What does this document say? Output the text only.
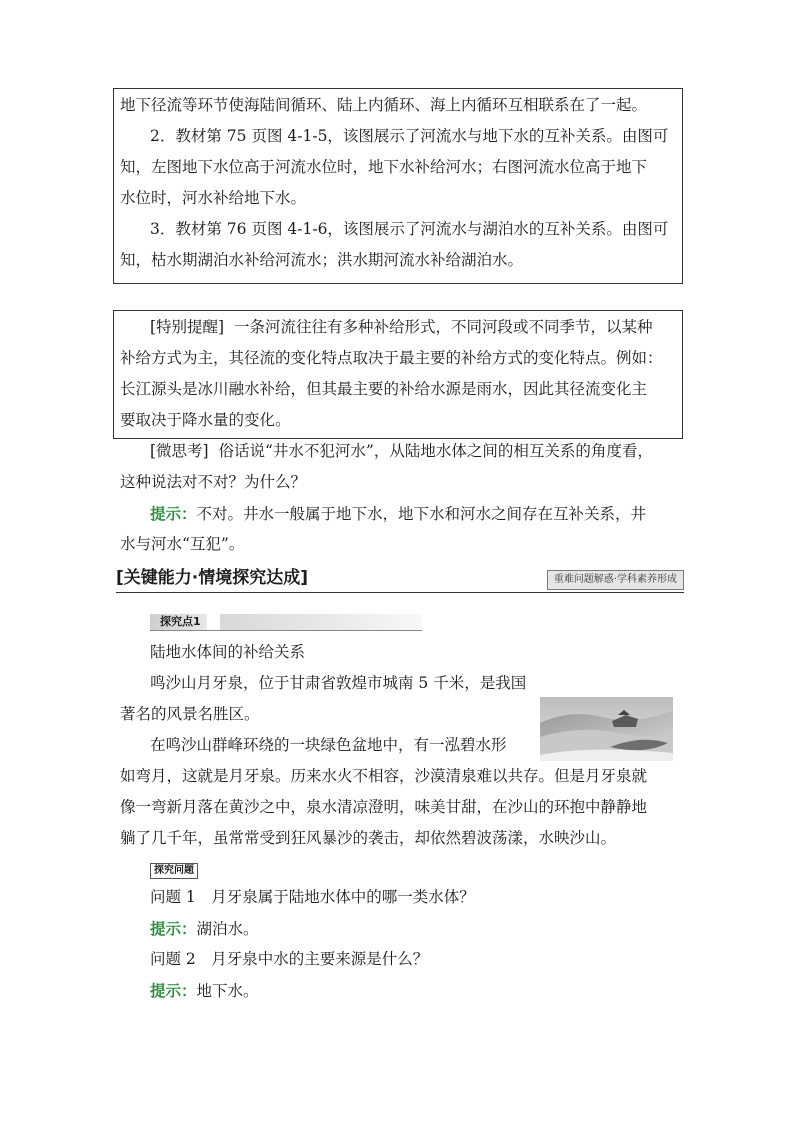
地下径流等环节使海陆间循环、陆上内循环、海上内循环互相联系在了一起。

2．教材第 75 页图 4-1-5，该图展示了河流水与地下水的互补关系。由图可

知，左图地下水位高于河流水位时，地下水补给河水；右图河流水位高于地下

水位时，河水补给地下水。

3．教材第 76 页图 4-1-6，该图展示了河流水与湖泊水的互补关系。由图可

知，枯水期湖泊水补给河流水；洪水期河流水补给湖泊水。

[特别提醒] 一条河流往往有多种补给形式，不同河段或不同季节，以某种

补给方式为主，其径流的变化特点取决于最主要的补给方式的变化特点。例如：

长江源头是冰川融水补给，但其最主要的补给水源是雨水，因此其径流变化主

要取决于降水量的变化。

[微思考] 俗话说“井水不犯河水”，从陆地水体之间的相互关系的角度看，

这种说法对不对？为什么？

提示：不对。井水一般属于地下水，地下水和河水之间存在互补关系，井

水与河水“互犯”。

[关键能力·情境探究达成]	重难问题解惑·学科素养形成
探究点1

陆地水体间的补给关系

鸣沙山月牙泉，位于甘肃省敦煌市城南 5 千米，是我国

著名的风景名胜区。

在鸣沙山群峰环绕的一块绿色盆地中，有一泓碧水形

如弯月，这就是月牙泉。历来水火不相容，沙漠清泉难以共存。但是月牙泉就

像一弯新月落在黄沙之中，泉水清凉澄明，味美甘甜，在沙山的环抱中静静地

躺了几千年，虽常常受到狂风暴沙的袭击，却依然碧波荡漾，水映沙山。

探究问题

问题 1　月牙泉属于陆地水体中的哪一类水体？

提示：湖泊水。

问题 2　月牙泉中水的主要来源是什么？

提示：地下水。
